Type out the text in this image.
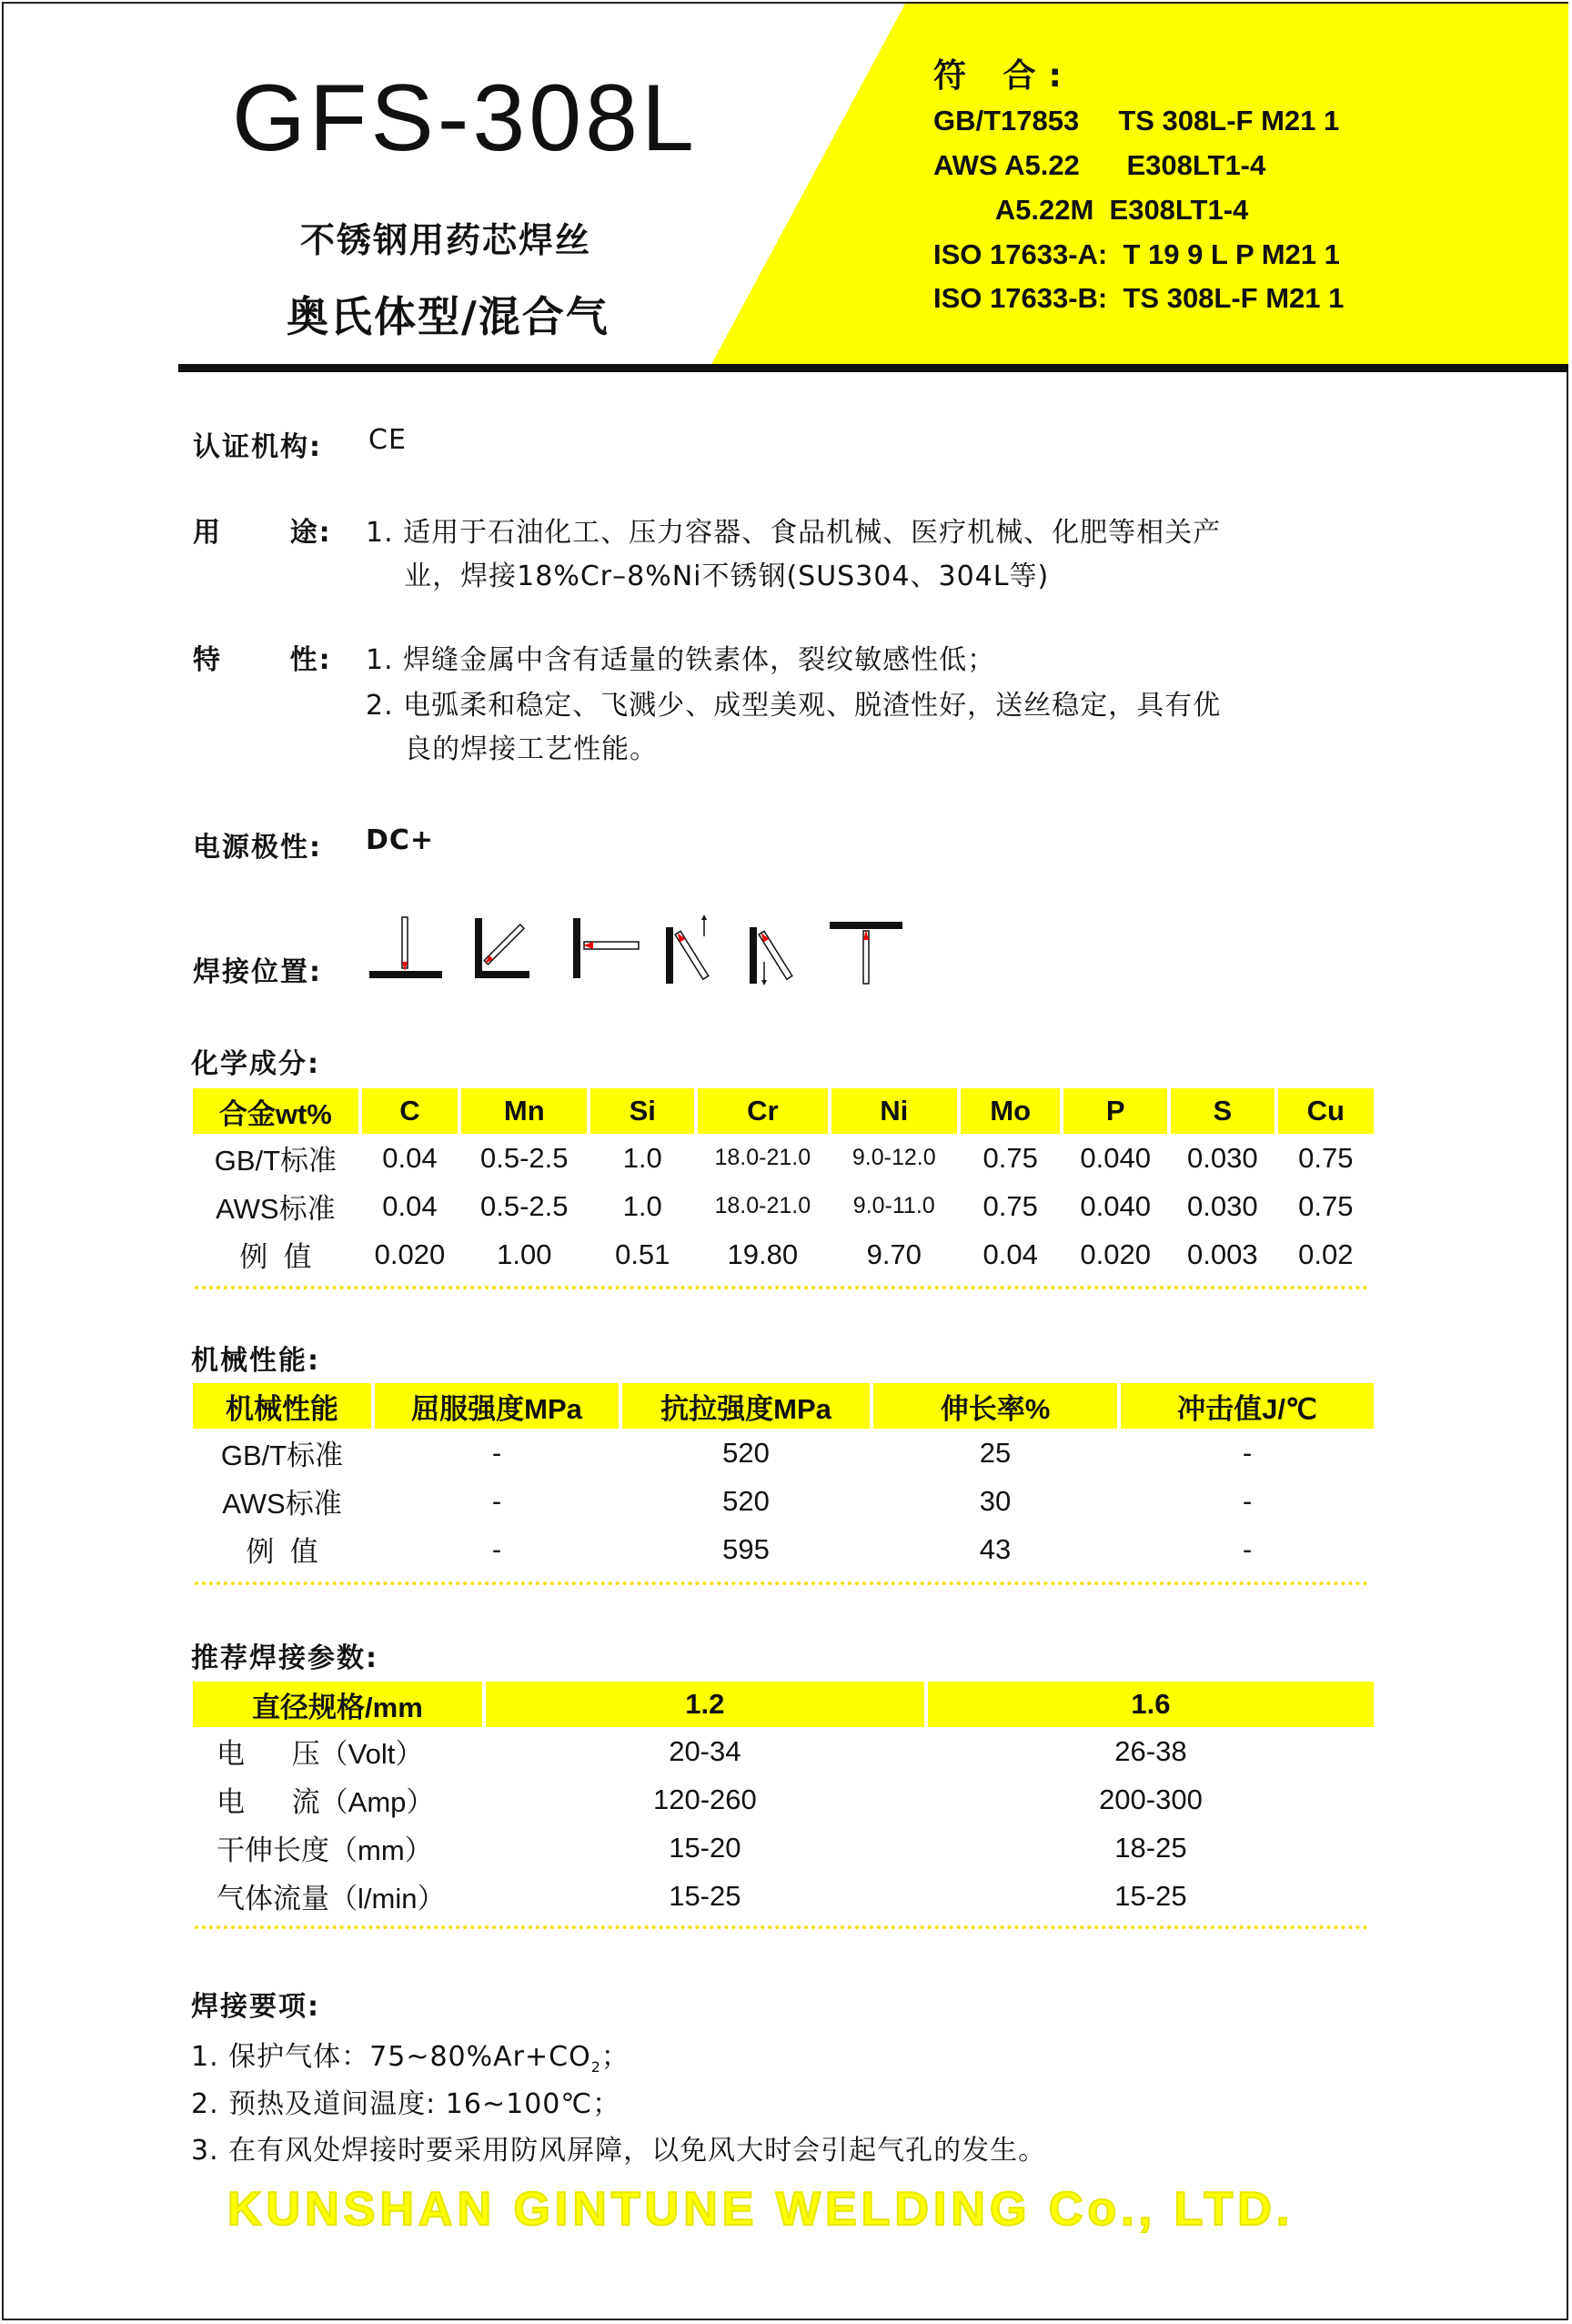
GFS-308L
不锈钢用药芯焊丝
奥氏体型/混合气
符 合:
GB/T17853     TS 308L-F M21 1
AWS A5.22      E308LT1-4
A5.22M  E308LT1-4
ISO 17633-A:  T 19 9 L P M21 1
ISO 17633-B:  TS 308L-F M21 1
认证机构: CE
用      途: 1. 适用于石油化工、压力容器、食品机械、医疗机械、化肥等相关产
业，焊接18%Cr–8%Ni不锈钢(SUS304、304L等)
特      性: 1. 焊缝金属中含有适量的铁素体，裂纹敏感性低；
2. 电弧柔和稳定、飞溅少、成型美观、脱渣性好，送丝稳定，具有优
良的焊接工艺性能。
电源极性: DC+
焊接位置:
化学成分:
合金wt%	C	Mn	Si	Cr	Ni	Mo	P	S	Cu
GB/T标准	0.04	0.5-2.5	1.0	18.0-21.0	9.0-12.0	0.75	0.040	0.030	0.75
AWS标准	0.04	0.5-2.5	1.0	18.0-21.0	9.0-11.0	0.75	0.040	0.030	0.75
例  值	0.020	1.00	0.51	19.80	9.70	0.04	0.020	0.003	0.02
机械性能:
机械性能	屈服强度MPa	抗拉强度MPa	伸长率%	冲击值J/℃
GB/T标准	-	520	25	-
AWS标准	-	520	30	-
例  值	-	595	43	-
推荐焊接参数:
直径规格/mm	1.2	1.6
电      压（Volt）	20-34	26-38
电      流（Amp）	120-260	200-300
干伸长度（mm）	15-20	18-25
气体流量（l/min）	15-25	15-25
焊接要项:
1. 保护气体：$75\sim 80\%Ar+CO_2$；
2. 预热及道间温度: 16~100℃；
3. 在有风处焊接时要采用防风屏障，以免风大时会引起气孔的发生。
KUNSHAN GINTUNE WELDING Co., LTD.
